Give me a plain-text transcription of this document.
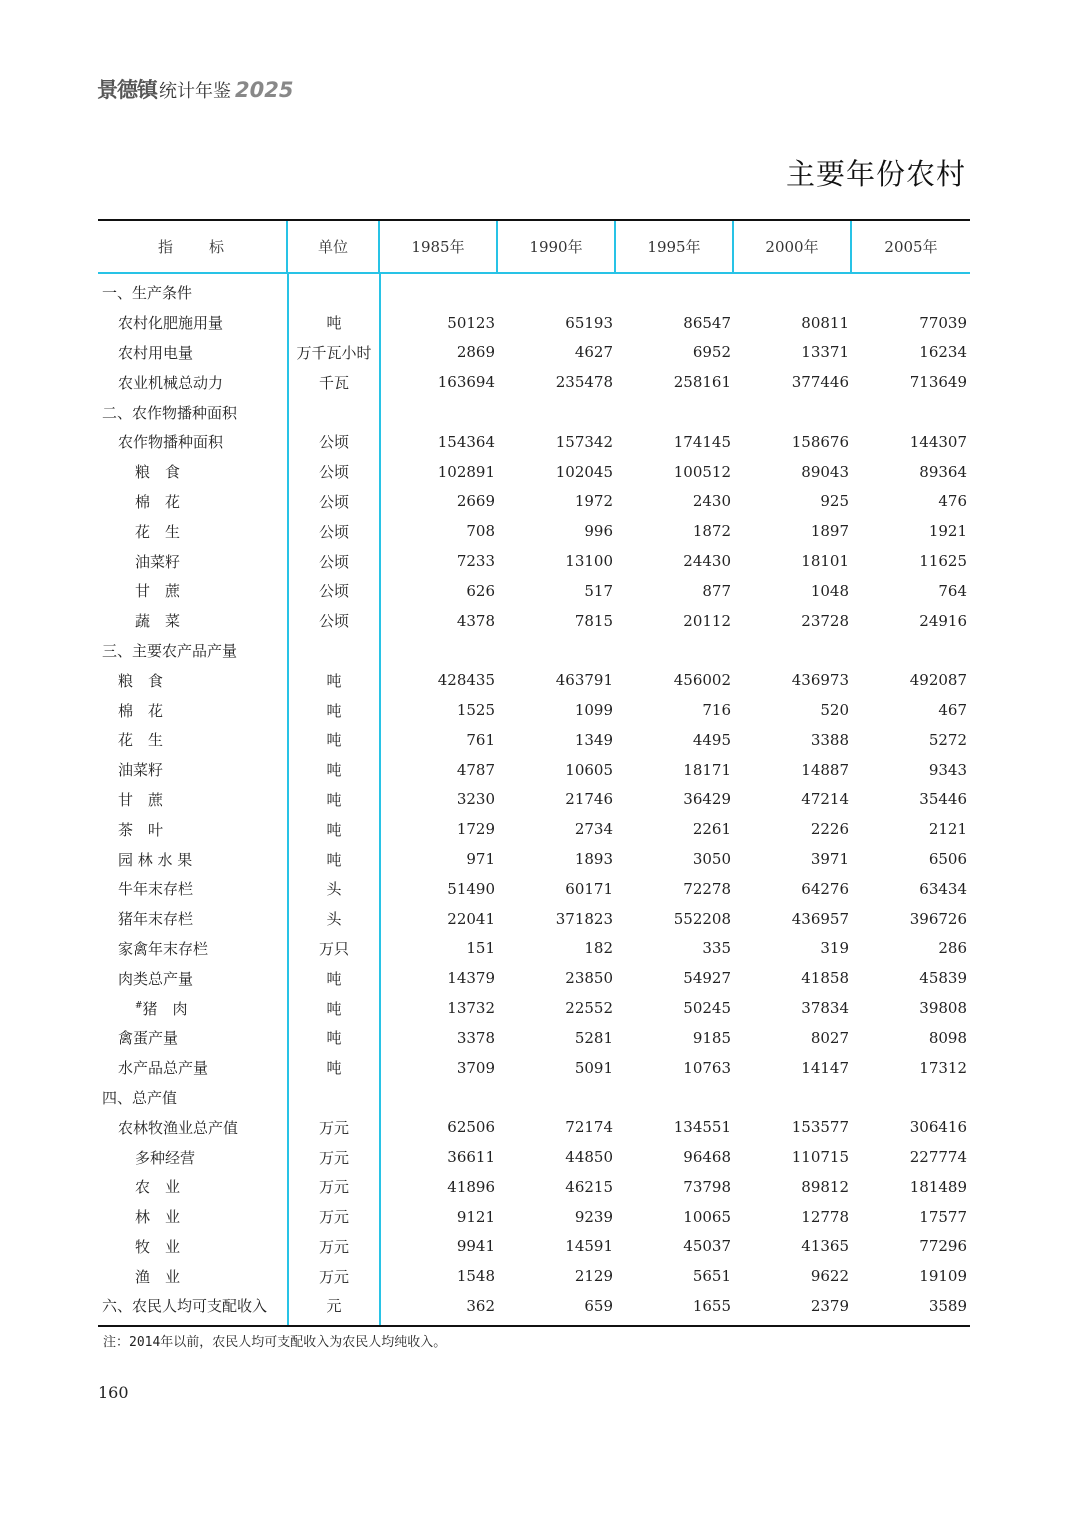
景德镇 统计年鉴 2025
主要年份农村
指　　标	单位	1985年	1990年	1995年	2000年	2005年
一、生产条件
农村化肥施用量	吨	50123	65193	86547	80811	77039
农村用电量	万千瓦小时	2869	4627	6952	13371	16234
农业机械总动力	千瓦	163694	235478	258161	377446	713649
二、农作物播种面积
农作物播种面积	公顷	154364	157342	174145	158676	144307
粮　食	公顷	102891	102045	100512	89043	89364
棉　花	公顷	2669	1972	2430	925	476
花　生	公顷	708	996	1872	1897	1921
油菜籽	公顷	7233	13100	24430	18101	11625
甘　蔗	公顷	626	517	877	1048	764
蔬　菜	公顷	4378	7815	20112	23728	24916
三、主要农产品产量
粮　食	吨	428435	463791	456002	436973	492087
棉　花	吨	1525	1099	716	520	467
花　生	吨	761	1349	4495	3388	5272
油菜籽	吨	4787	10605	18171	14887	9343
甘　蔗	吨	3230	21746	36429	47214	35446
茶　叶	吨	1729	2734	2261	2226	2121
园 林 水 果	吨	971	1893	3050	3971	6506
牛年末存栏	头	51490	60171	72278	64276	63434
猪年末存栏	头	22041	371823	552208	436957	396726
家禽年末存栏	万只	151	182	335	319	286
肉类总产量	吨	14379	23850	54927	41858	45839
#猪　肉	吨	13732	22552	50245	37834	39808
禽蛋产量	吨	3378	5281	9185	8027	8098
水产品总产量	吨	3709	5091	10763	14147	17312
四、总产值
农林牧渔业总产值	万元	62506	72174	134551	153577	306416
多种经营	万元	36611	44850	96468	110715	227774
农　业	万元	41896	46215	73798	89812	181489
林　业	万元	9121	9239	10065	12778	17577
牧　业	万元	9941	14591	45037	41365	77296
渔　业	万元	1548	2129	5651	9622	19109
六、农民人均可支配收入	元	362	659	1655	2379	3589
注：2014年以前，农民人均可支配收入为农民人均纯收入。
160
